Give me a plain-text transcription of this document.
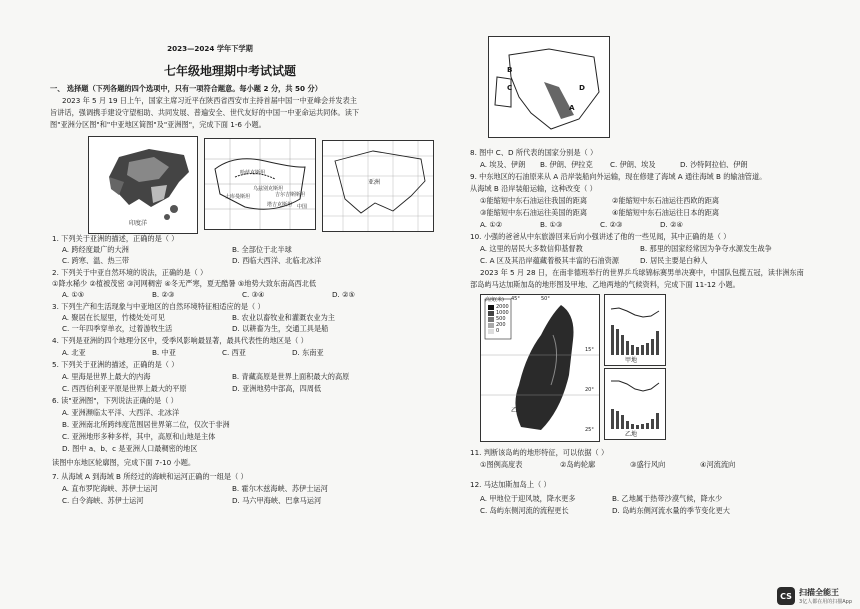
2023—2024 学年下学期
七年级地理期中考试试题
一、 选择题（下列各题的四个选项中，只有一项符合题意。每小题 2 分，共 50 分）
2023 年 5 月 19 日上午，国家主席习近平在陕西省西安市主持首届中国一中亚峰会并发表主
旨讲话，强调携手建设守望相助、共同发展、普遍安全、世代友好的中国一中亚命运共同体。读下
图"亚洲分区图"和"中亚地区简图"及"亚洲图"，完成下面 1-6 小题。
印度洋
哈萨克斯坦
土库曼斯坦
乌兹别克斯坦
吉尔吉斯斯坦
塔吉克斯坦 中国
亚洲
1. 下列关于亚洲的描述，正确的是（ ）
A. 跨经度最广的大洲	B. 全部位于北半球
C. 跨寒、温、热三带	D. 西临大西洋、北临北冰洋
2. 下列关于中亚自然环境的说法，正确的是（ ）
①降水稀少 ②植被茂密 ③河网稠密 ④冬无严寒，夏无酷暑 ⑤地势大致东南高西北低
A. ①⑤	B. ②③	C. ③④	D. ②⑤
3. 下列生产和生活现象与中亚地区的自然环境特征相适应的是（ ）
A. 聚居在长屋里，竹楼处处可见	B. 农业以畜牧业和灌溉农业为主
C. 一年四季穿单衣，过着游牧生活	D. 以耕畜为生，交通工具是船
4. 下列是亚洲的四个地理分区中，受季风影响最显著，最具代表性的地区是（ ）
A. 北亚	B. 中亚	C. 西亚	D. 东南亚
5. 下列关于亚洲的描述，正确的是（ ）
A. 里海是世界上最大的内海	B. 青藏高原是世界上面积最大的高原
C. 西西伯利亚平原是世界上最大的平原	D. 亚洲地势中部高，四周低
6. 读"亚洲图"，下列说法正确的是（ ）
A. 亚洲濒临太平洋、大西洋、北冰洋
B. 亚洲南北所跨纬度范围居世界第二位，仅次于非洲
C. 亚洲地形多种多样，其中，高原和山地是主体
D. 图中 a、b、c 是亚洲人口最稠密的地区
读图中东地区轮廓图，完成下面 7-10 小题。
7. 从海域 A 到海域 B 所经过的海峡和运河正确的一组是（ ）
A. 直布罗陀海峡、苏伊士运河	B. 霍尔木兹海峡、苏伊士运河
C. 白令海峡、苏伊士运河	D. 马六甲海峡、巴拿马运河
B
C	D
A
8. 图中 C、D 所代表的国家分别是（ ）
A. 埃及、伊朗 B. 伊朗、伊拉克 C. 伊朗、埃及	D. 沙特阿拉伯、伊朗
9. 中东地区的石油原来从 A 沿岸装船向外运输，现在修建了海域 A 通往海域 B 的输油管道。
从海域 B 沿岸装船运输，这种改变（ ）
①能缩短中东石油运往我国的距离	②能缩短中东石油运往西欧的距离
③能缩短中东石油运往美国的距离	④能缩短中东石油运往日本的距离
A. ①②	B. ①③	C. ②③	D. ②④
10. 小强的爸爸从中东旅游回来后向小强讲述了他的一些见闻，其中正确的是（ ）
A. 这里的居民大多数信仰基督教	B. 那里的国家经常因为争夺水源发生战争
C. A 区及其沿岸蕴藏着极其丰富的石油资源	D. 居民主要是白种人
2023 年 5 月 28 日，在南非德班举行的世界乒乓球锦标赛男单决赛中，中国队包揽五冠，读非洲东南
部岛屿马达加斯加岛的地形图及甲地、乙地两地的气候资料，完成下面 11-12 小题。
高度(米)
2000
1000
500
200
0
50°
45°
15°
20°
25°
甲
乙
甲地
乙地
11. 判断该岛屿的地形特征，可以依据（ ）
①图例高度表	②岛屿轮廓	③盛行风向	④河流流向
12. 马达加斯加岛上（ ）
A. 甲地位于迎风坡，降水更多	B. 乙地属于热带沙漠气候，降水少
C. 岛屿东侧河流的流程更长	D. 岛屿东侧河流水量的季节变化更大
CS 扫描全能王
3亿人都在用的扫描App
